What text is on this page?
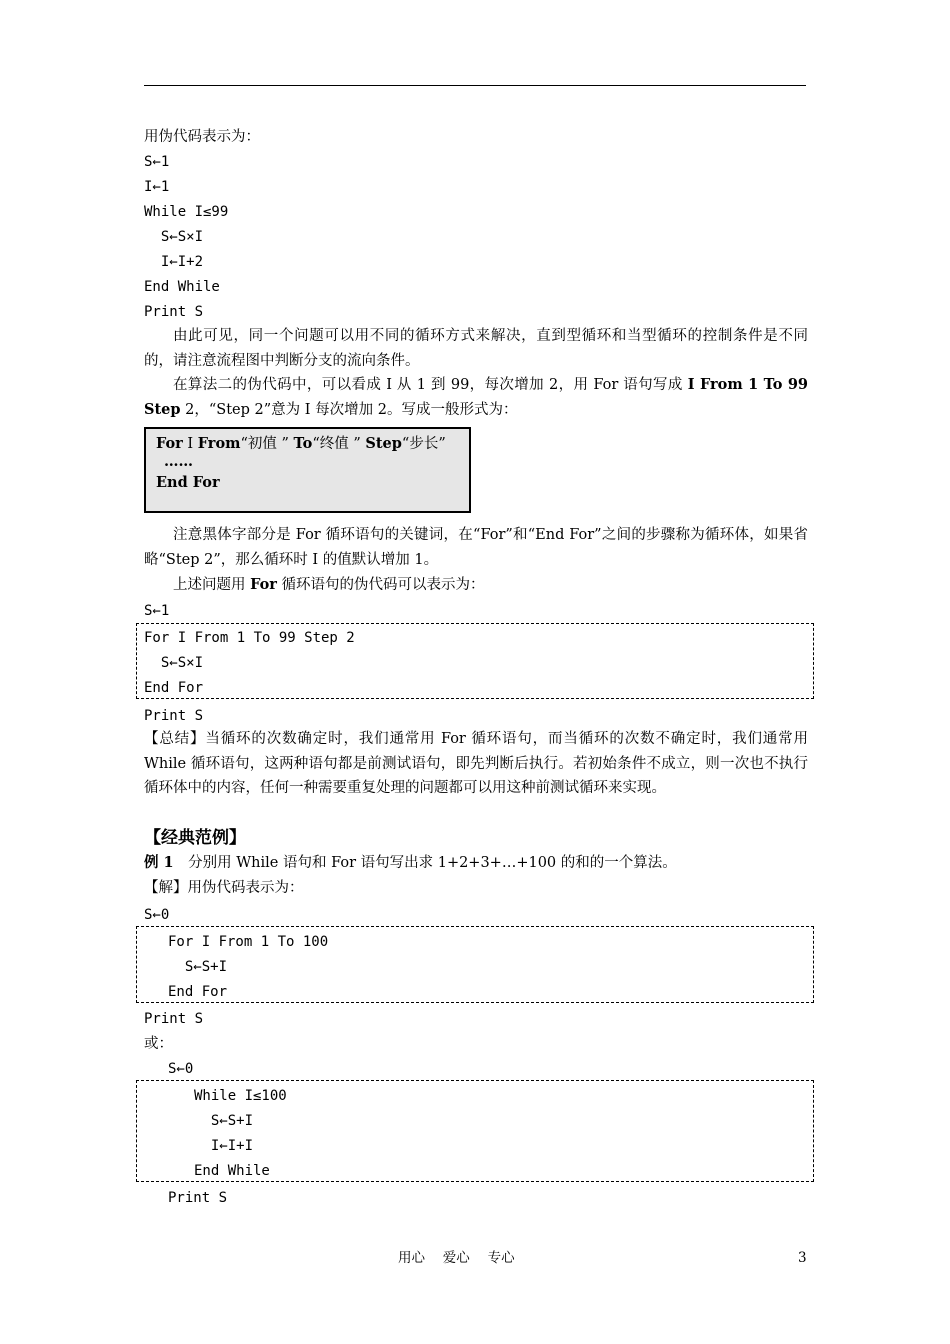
用伪代码表示为：
S←1
I←1
While I≤99
S←S×I
I←I+2
End While
Print S
由此可见，同一个问题可以用不同的循环方式来解决，直到型循环和当型循环的控制条件是不同的，请注意流程图中判断分支的流向条件。
在算法二的伪代码中，可以看成 I 从 1 到 99，每次增加 2，用 For 语句写成 I From 1 To 99 Step 2，“Step 2”意为 I 每次增加 2。写成一般形式为：
For I From“初值 ” To“终值 ” Step“步长”
……
End For
注意黑体字部分是 For 循环语句的关键词，在“For”和“End For”之间的步骤称为循环体，如果省略“Step 2”，那么循环时 I 的值默认增加 1。
上述问题用 For 循环语句的伪代码可以表示为：
S←1
For I From 1 To 99 Step 2
S←S×I
End For
Print S
【总结】当循环的次数确定时，我们通常用 For 循环语句，而当循环的次数不确定时，我们通常用 While 循环语句，这两种语句都是前测试语句，即先判断后执行。若初始条件不成立，则一次也不执行循环体中的内容，任何一种需要重复处理的问题都可以用这种前测试循环来实现。
【经典范例】
例 1　分别用 While 语句和 For 语句写出求 1+2+3+…+100 的和的一个算法。
【解】用伪代码表示为：
S←0
For I From 1 To 100
S←S+I
End For
Print S
或：
S←0
While I≤100
S←S+I
I←I+I
End While
Print S
用心　 爱心　 专心	3
